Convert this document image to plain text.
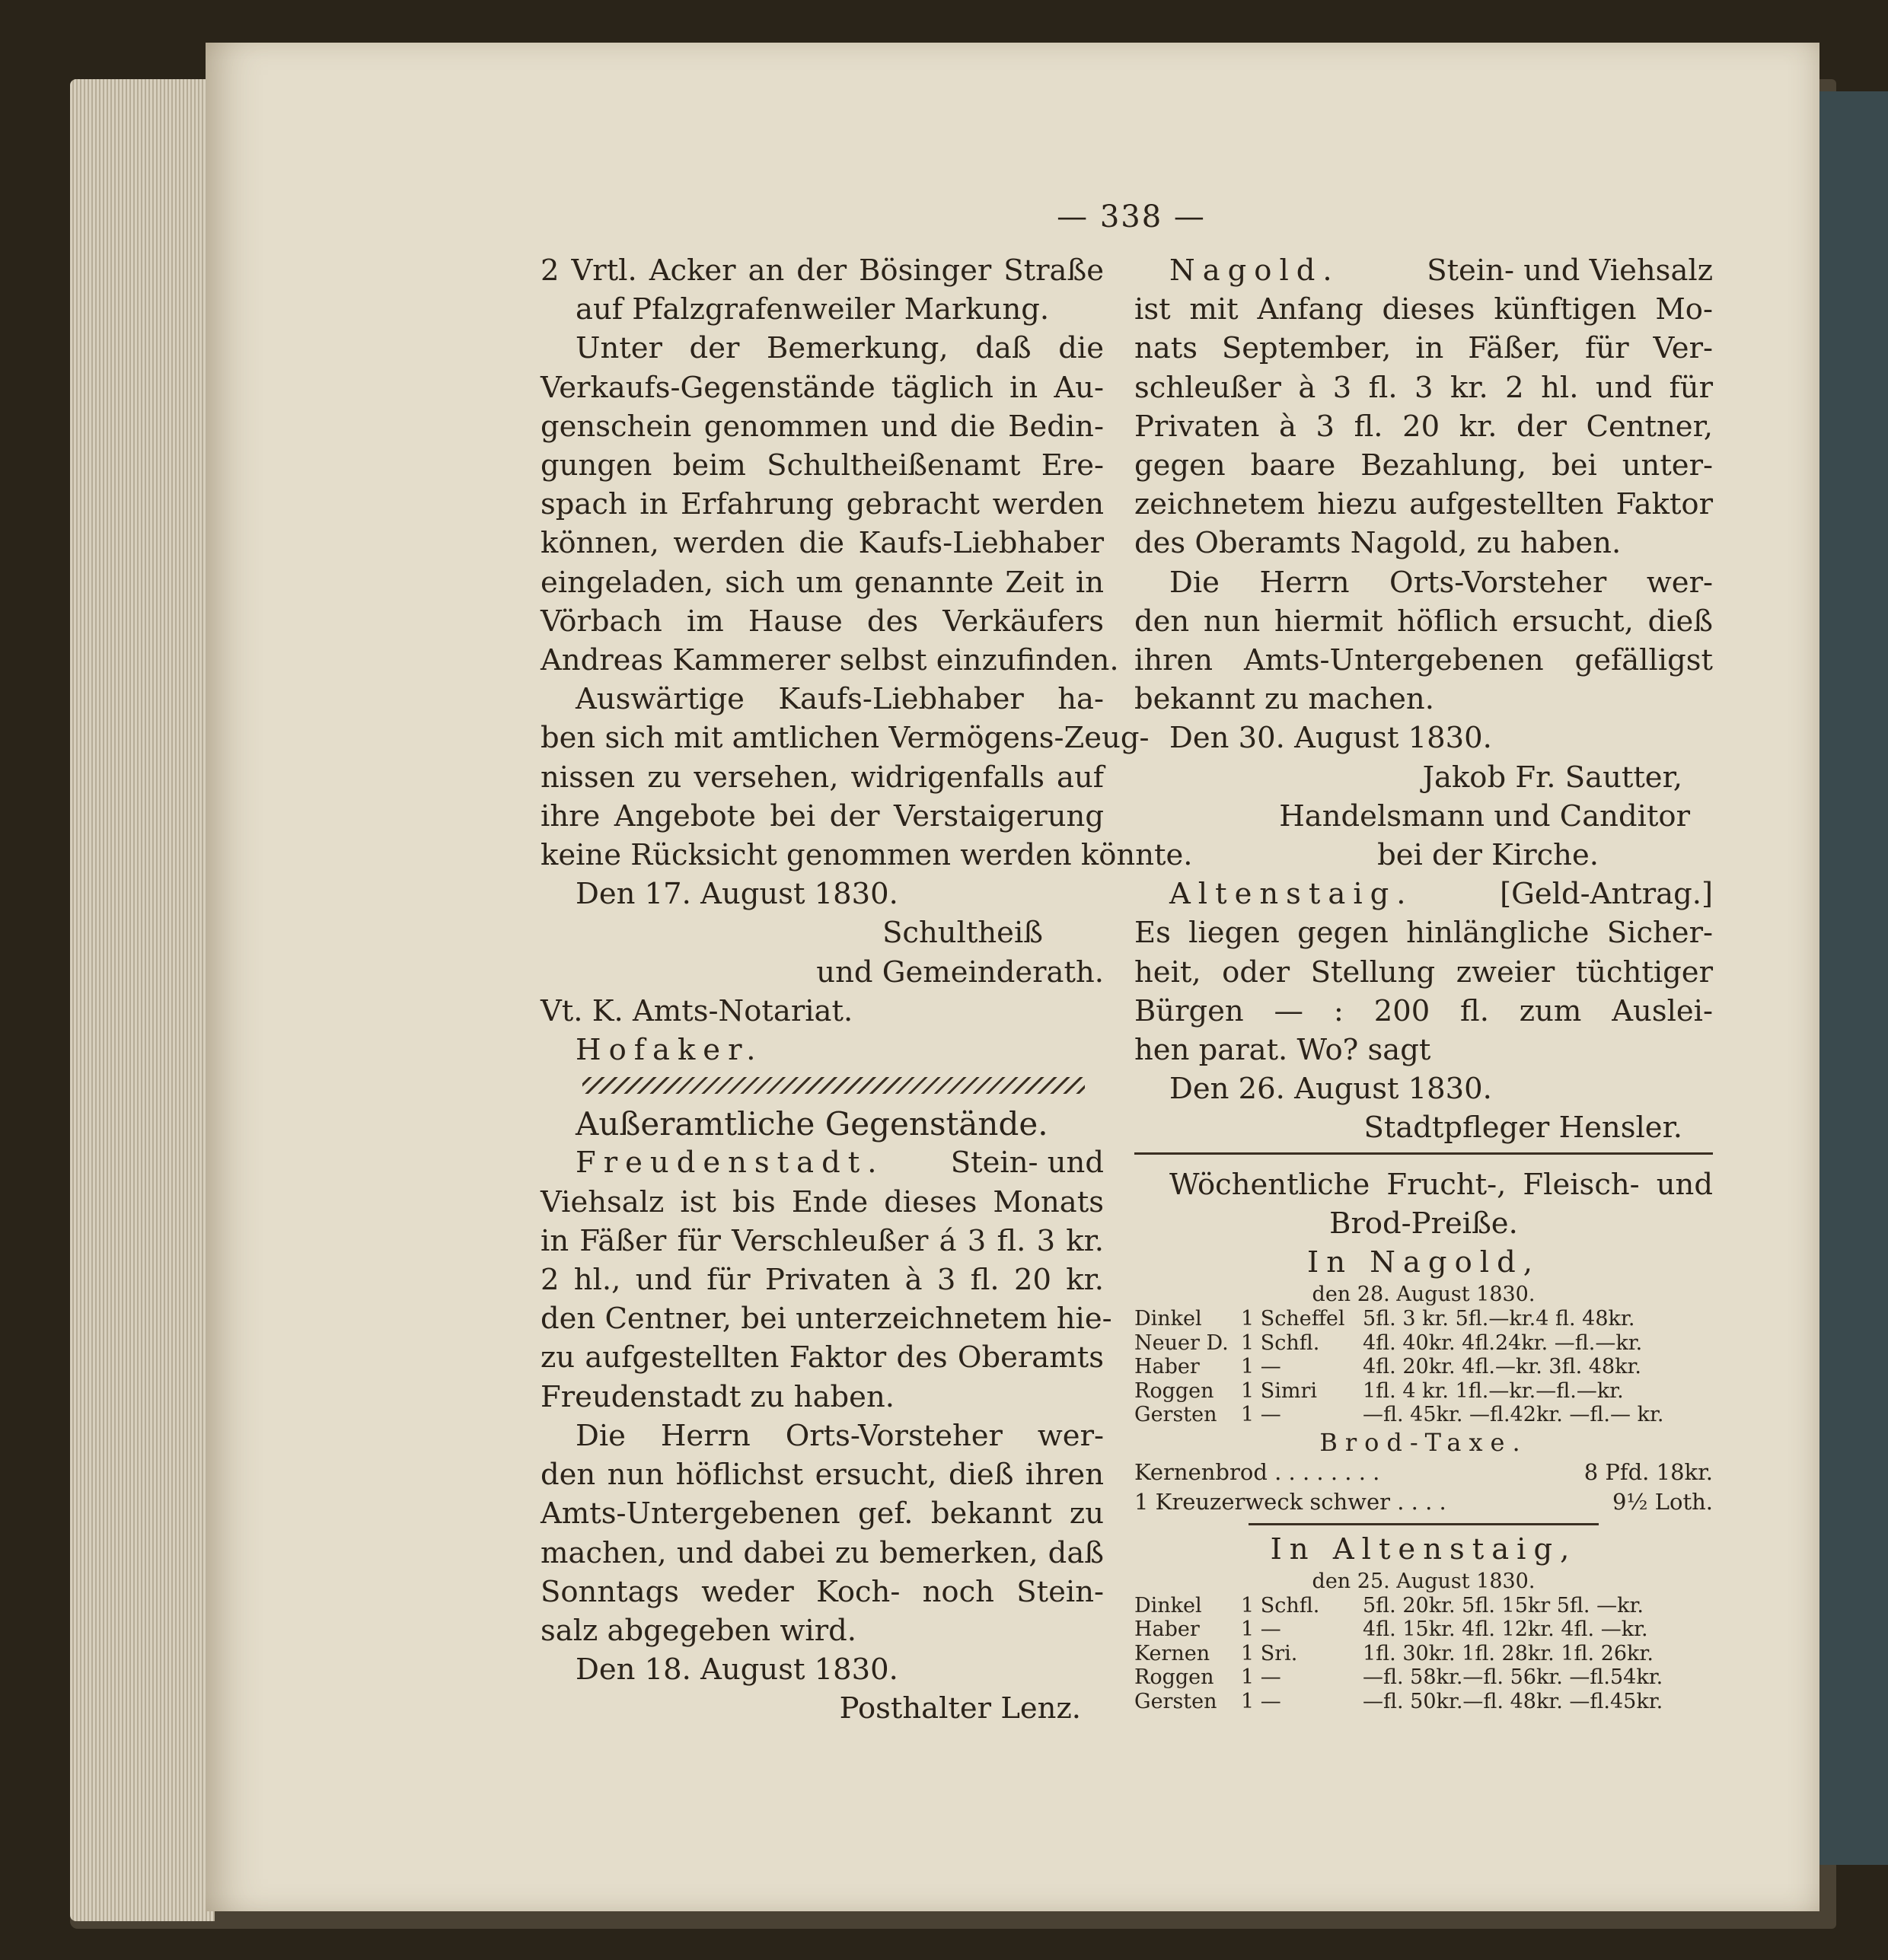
— 338 —
2 Vrtl. Acker an der Bösinger Straße
auf Pfalzgrafenweiler Markung.
Unter der Bemerkung, daß die
Verkaufs-Gegenstände täglich in Au-
genschein genommen und die Bedin-
gungen beim Schultheißenamt Ere-
spach in Erfahrung gebracht werden
können, werden die Kaufs-Liebhaber
eingeladen, sich um genannte Zeit in
Vörbach im Hause des Verkäufers
Andreas Kammerer selbst einzufinden.
Auswärtige Kaufs-Liebhaber ha-
ben sich mit amtlichen Vermögens-Zeug-
nissen zu versehen, widrigenfalls auf
ihre Angebote bei der Verstaigerung
keine Rücksicht genommen werden könnte.
Den 17. August 1830.
Schultheiß
und Gemeinderath.
Vt. K. Amts-Notariat.
Hofaker.
Außeramtliche Gegenstände.
Freudenstadt. Stein- und
Viehsalz ist bis Ende dieses Monats
in Fäßer für Verschleußer á 3 fl. 3 kr.
2 hl., und für Privaten à 3 fl. 20 kr.
den Centner, bei unterzeichnetem hie-
zu aufgestellten Faktor des Oberamts
Freudenstadt zu haben.
Die Herrn Orts-Vorsteher wer-
den nun höflichst ersucht, dieß ihren
Amts-Untergebenen gef. bekannt zu
machen, und dabei zu bemerken, daß
Sonntags weder Koch- noch Stein-
salz abgegeben wird.
Den 18. August 1830.
Posthalter Lenz.
Nagold.	Stein- und Viehsalz
ist mit Anfang dieses künftigen Mo-
nats September, in Fäßer, für Ver-
schleußer à 3 fl. 3 kr. 2 hl. und für
Privaten à 3 fl. 20 kr. der Centner,
gegen baare Bezahlung, bei unter-
zeichnetem hiezu aufgestellten Faktor
des Oberamts Nagold, zu haben.
Die Herrn Orts-Vorsteher wer-
den nun hiermit höflich ersucht, dieß
ihren Amts-Untergebenen gefälligst
bekannt zu machen.
Den 30. August 1830.
Jakob Fr. Sautter,
Handelsmann und Canditor
bei der Kirche.
Altenstaig.	[Geld-Antrag.]
Es liegen gegen hinlängliche Sicher-
heit, oder Stellung zweier tüchtiger
Bürgen — : 200 fl. zum Auslei-
hen parat. Wo? sagt
Den 26. August 1830.
Stadtpfleger Hensler.
Wöchentliche Frucht-, Fleisch- und
Brod-Preiße.
In Nagold,
den 28. August 1830.
Dinkel	1 Scheffel 5fl. 3 kr. 5fl.—kr.4 fl. 48kr.
Neuer D. 1 Schfl.	4fl. 40kr. 4fl.24kr. —fl.—kr.
Haber	1 —	4fl. 20kr. 4fl.—kr. 3fl. 48kr.
Roggen	1 Simri	1fl. 4 kr. 1fl.—kr.—fl.—kr.
Gersten	1 —	—fl. 45kr. —fl.42kr. —fl.— kr.
Brod-Taxe.
Kernenbrod . . . . . . . .	8 Pfd. 18kr.
1 Kreuzerweck schwer . . . .	9½ Loth.
In Altenstaig,
den 25. August 1830.
Dinkel	1 Schfl.	5fl. 20kr. 5fl. 15kr 5fl. —kr.
Haber	1 —	4fl. 15kr. 4fl. 12kr. 4fl. —kr.
Kernen	1 Sri.	1fl. 30kr. 1fl. 28kr. 1fl. 26kr.
Roggen	1 —	—fl. 58kr.—fl. 56kr. —fl.54kr.
Gersten	1 —	—fl. 50kr.—fl. 48kr. —fl.45kr.
